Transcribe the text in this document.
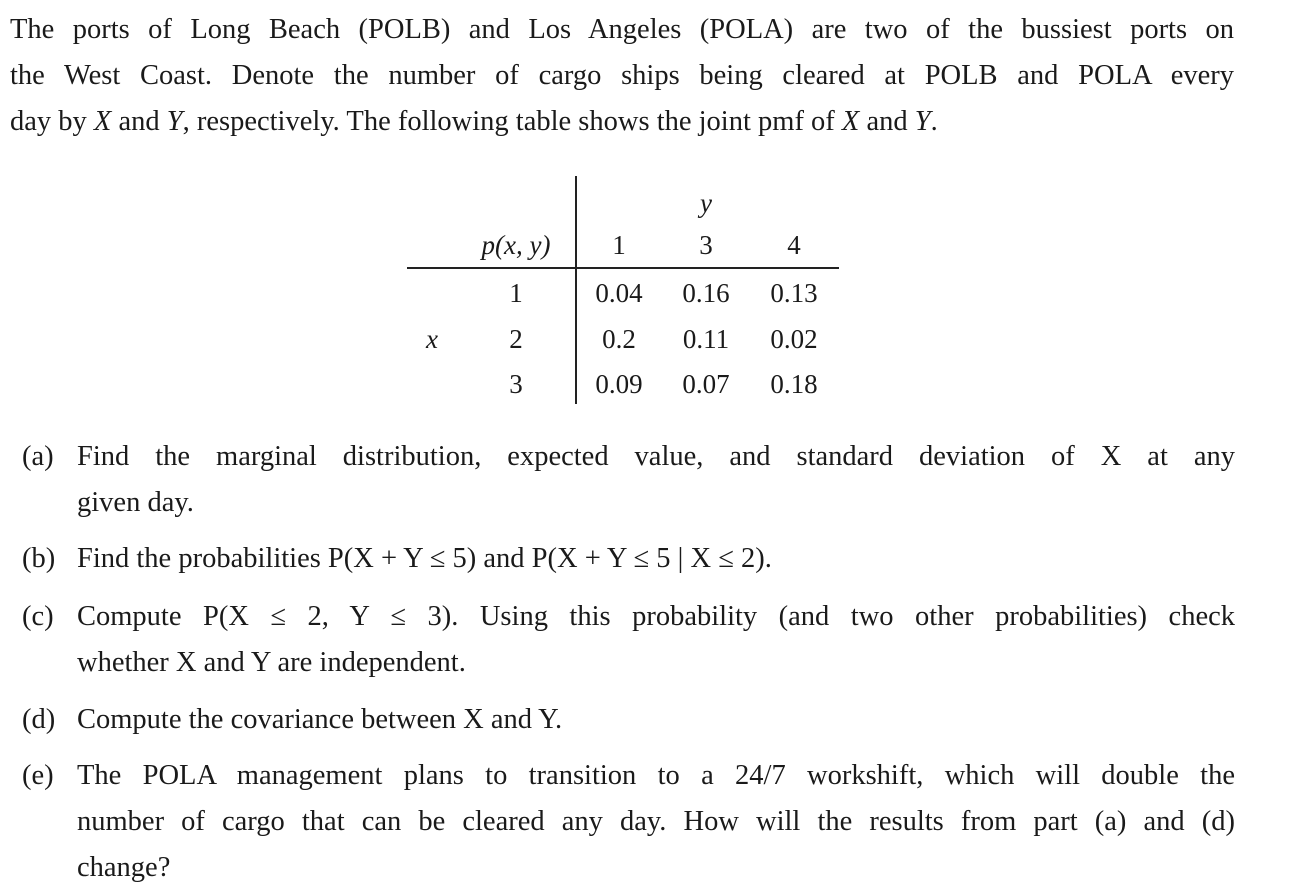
The ports of Long Beach (POLB) and Los Angeles (POLA) are two of the bussiest ports on
the West Coast. Denote the number of cargo ships being cleared at POLB and POLA every
day by X and Y, respectively. The following table shows the joint pmf of X and Y.
y
p(x, y) 1	3	4
x
1	0.04 0.16 0.13
2	0.2 0.11 0.02
3	0.09 0.07 0.18
(a) Find the marginal distribution, expected value, and standard deviation of X at any
given day.
(b) Find the probabilities P(X + Y ≤ 5) and P(X + Y ≤ 5 | X ≤ 2).
(c) Compute P(X ≤ 2, Y ≤ 3). Using this probability (and two other probabilities) check
whether X and Y are independent.
(d) Compute the covariance between X and Y.
(e) The POLA management plans to transition to a 24/7 workshift, which will double the
number of cargo that can be cleared any day. How will the results from part (a) and (d)
change?
